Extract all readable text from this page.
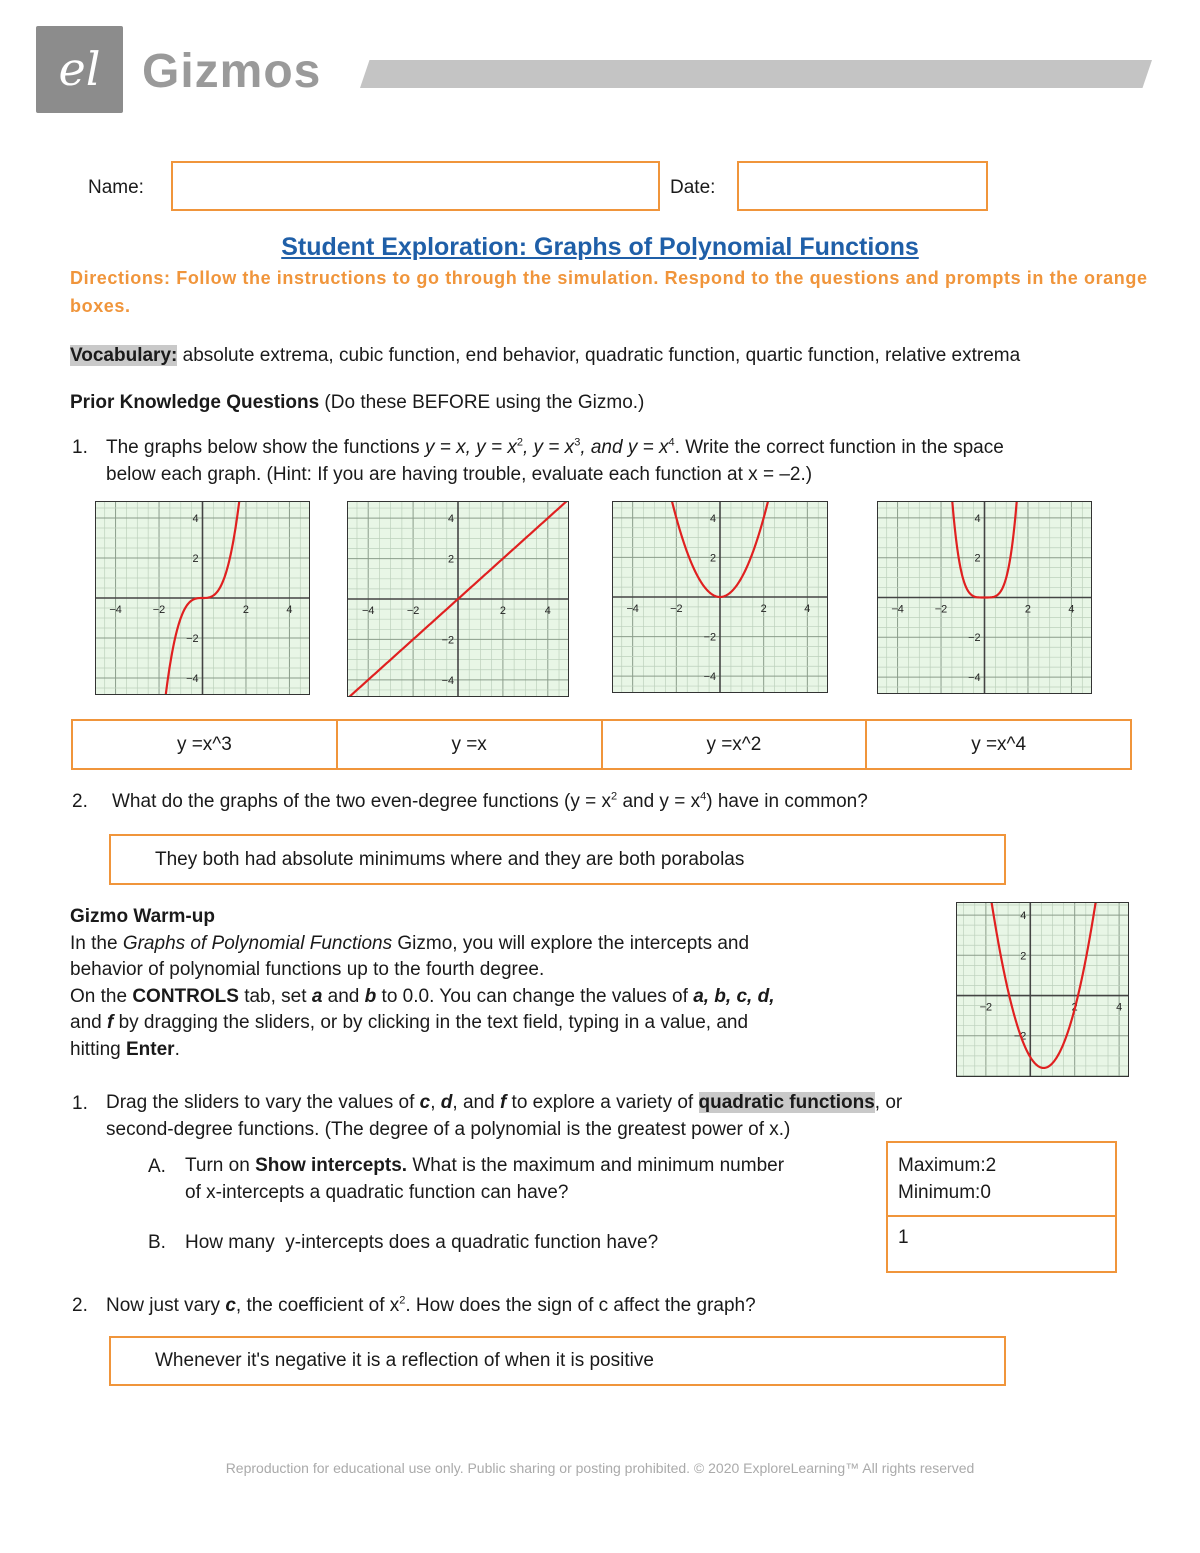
el Gizmos
Name:	Date:
Student Exploration: Graphs of Polynomial Functions
Directions: Follow the instructions to go through the simulation. Respond to the questions and prompts in the orange boxes.
Vocabulary: absolute extrema, cubic function, end behavior, quadratic function, quartic function, relative extrema
Prior Knowledge Questions (Do these BEFORE using the Gizmo.)
1. The graphs below show the functions y = x, $y = x^2$, $y = x^3$, and $y = x^4$. Write the correct function in the space
below each graph. (Hint: If you are having trouble, evaluate each function at x = –2.)
−4	−2	2	4
4
2
−2
−4
−4	−2	2	4
4
2
−2
−4
−4	−2	2	4
4
2
−2
−4
−4	−2	2	4
4
2
−2
−4
y =x^3	y =x	y =x^2	y =x^4
2. What do the graphs of the two even-degree functions ($y = x^2$ and $y = x^4$) have in common?
They both had absolute minimums where and they are both porabolas
Gizmo Warm-up
In the Graphs of Polynomial Functions Gizmo, you will explore the intercepts and
behavior of polynomial functions up to the fourth degree.
On the CONTROLS tab, set a and b to 0.0. You can change the values of a, b, c, d,
and f by dragging the sliders, or by clicking in the text field, typing in a value, and
hitting Enter.
−2	2	4
4
2
−2
1. Drag the sliders to vary the values of c, d, and f to explore a variety of quadratic functions, or
second-degree functions. (The degree of a polynomial is the greatest power of x.)
A. Turn on Show intercepts. What is the maximum and minimum number
of x-intercepts a quadratic function can have?
Maximum:2
Minimum:0
B. How many  y-intercepts does a quadratic function have?	1
2. Now just vary c, the coefficient of $x^2$. How does the sign of c affect the graph?
Whenever it's negative it is a reflection of when it is positive
Reproduction for educational use only. Public sharing or posting prohibited. © 2020 ExploreLearning™ All rights reserved
